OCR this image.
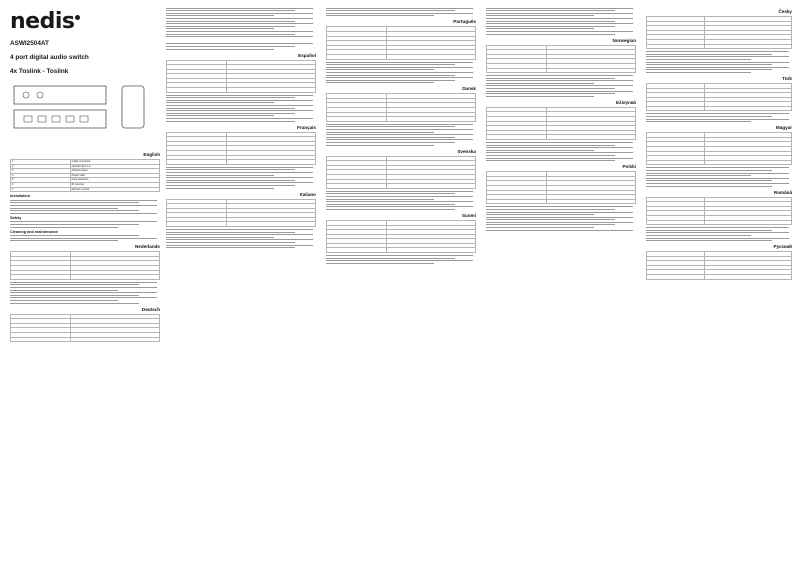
nedis
ASWI2504AT
4 port digital audio switch
4x Toslink - Toslink
English
1	Cable connector
2	Optical input 1-4
3	Optical output
4	Power LED
5	Input selection
6	IR receiver
7	Remote control
Installation
Safety
Cleaning and maintenance
Nederlands

Deutsch

Español

Français

Italiano

Português

Dansk

Svenska

Suomi

Norwegian

Ελληνικά

Polski

Česky

Türk

Magyar

Română

Русский
